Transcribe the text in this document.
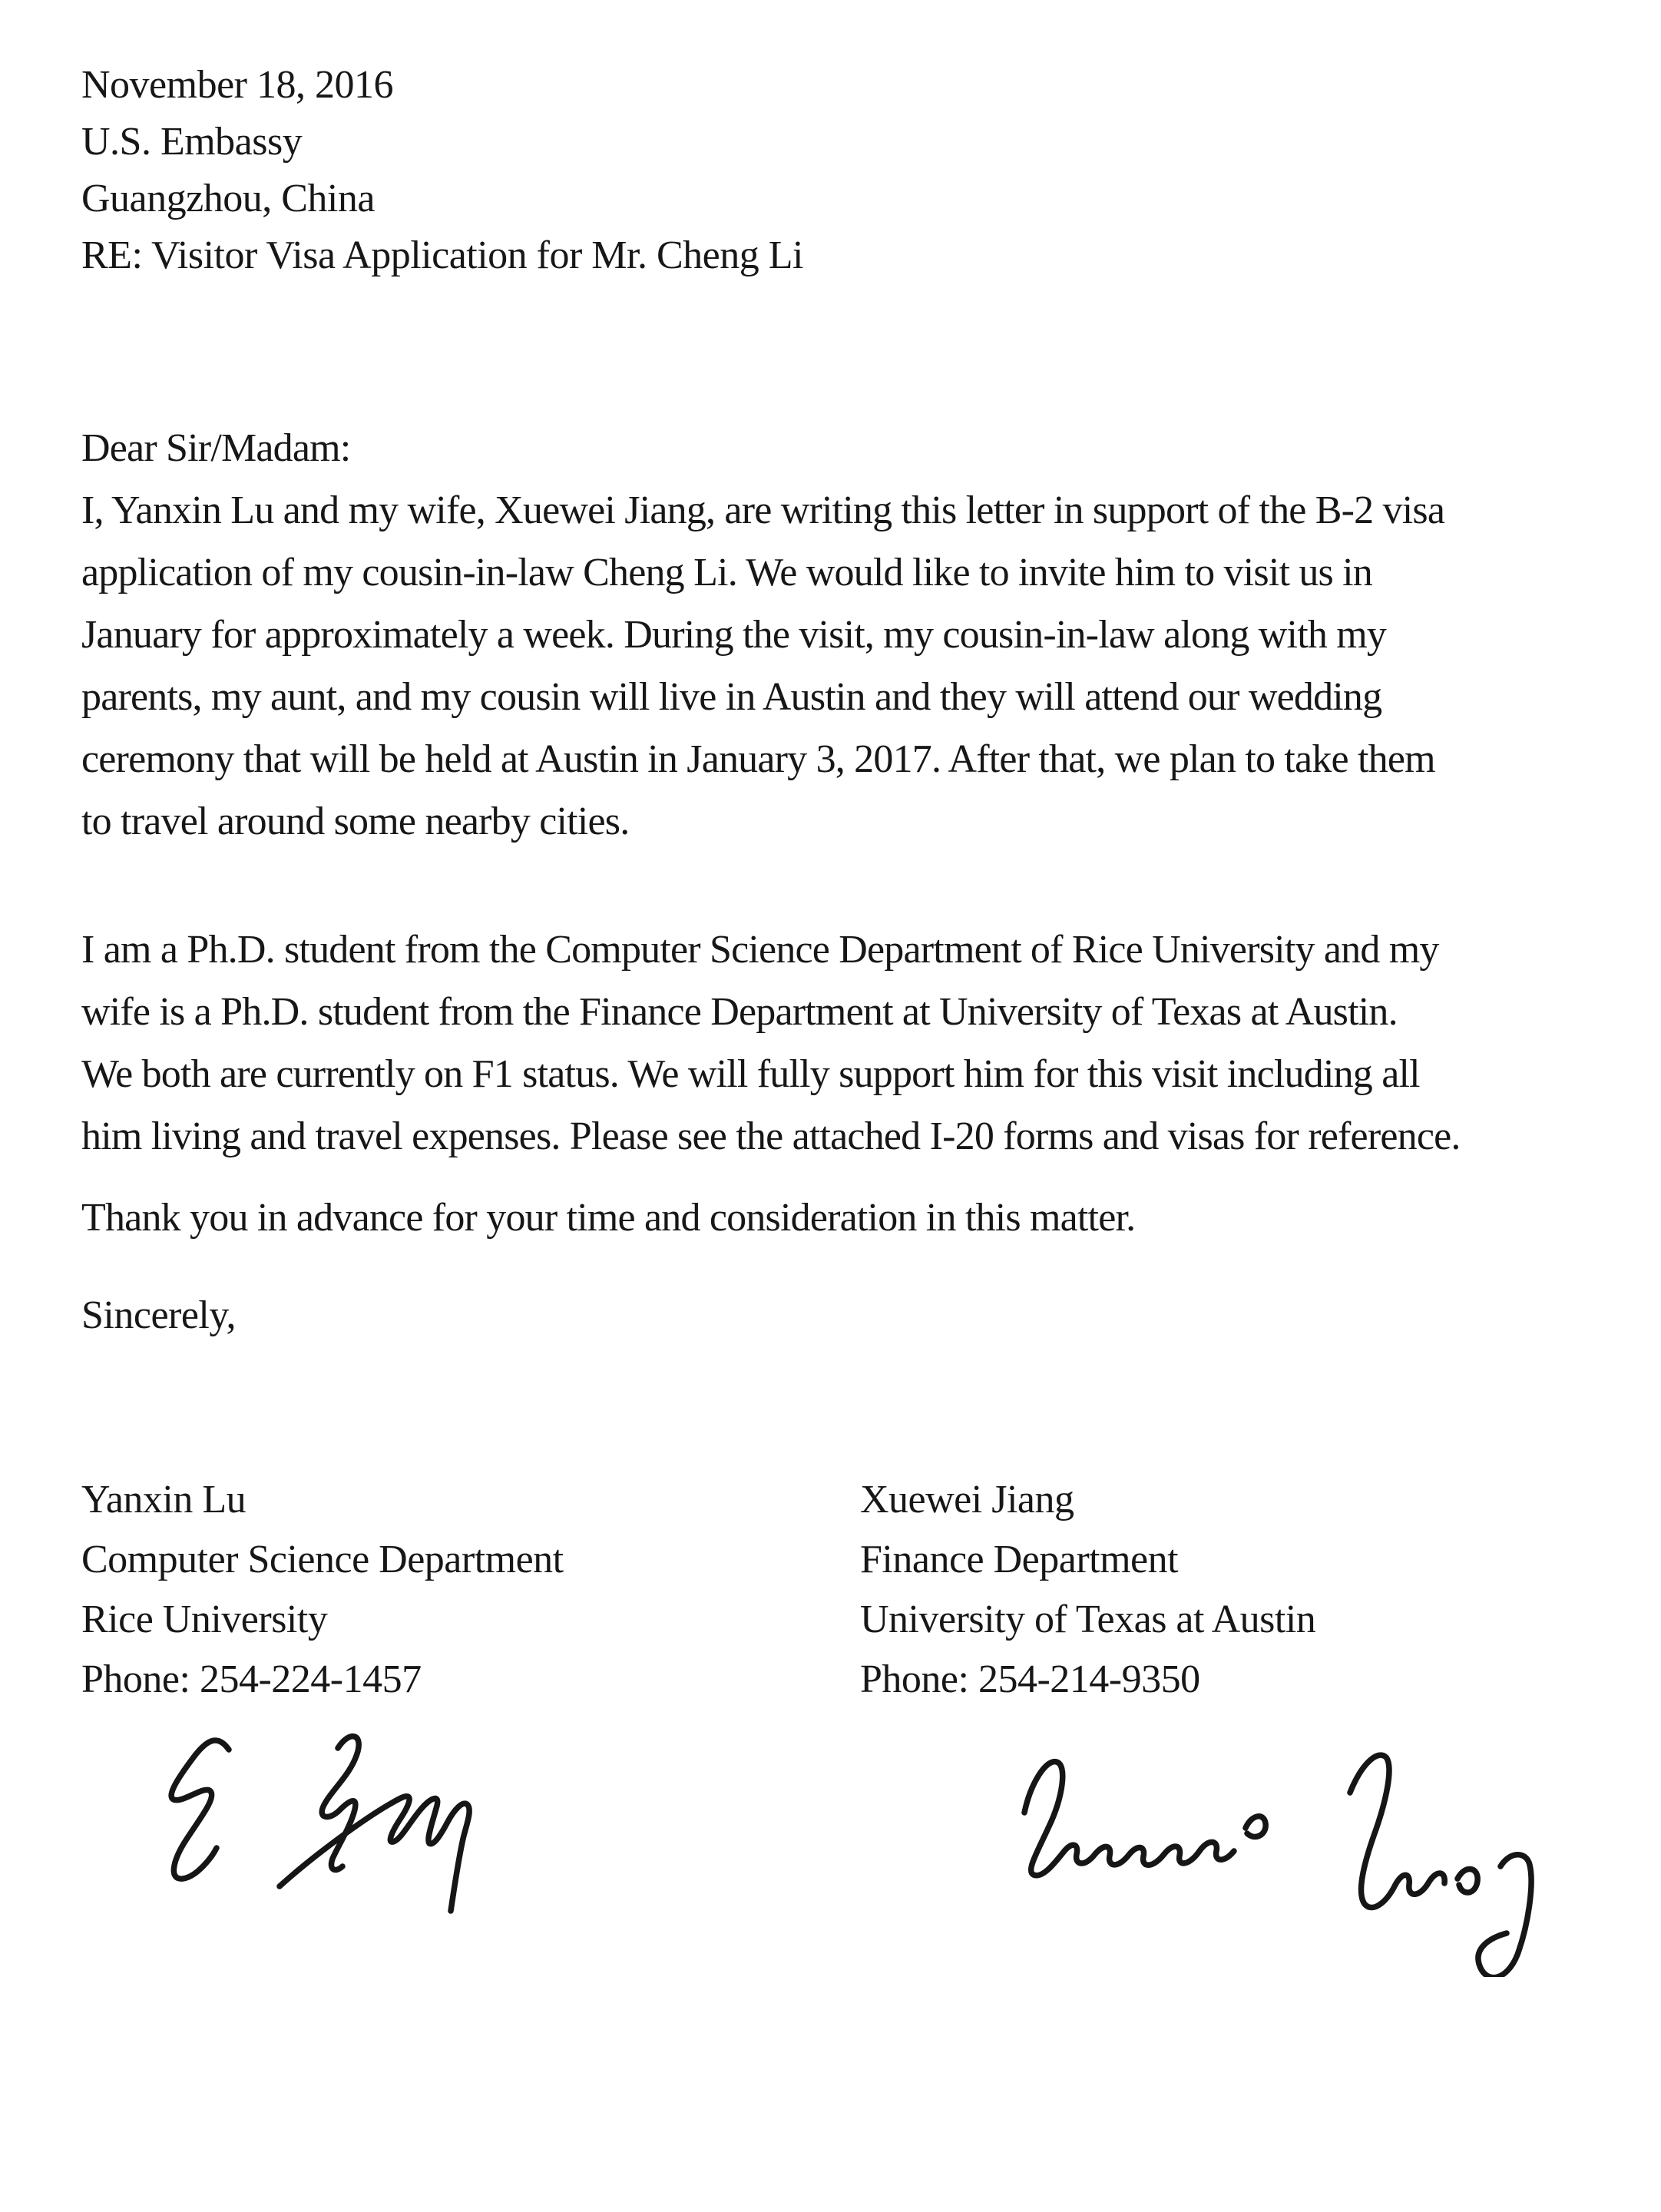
November 18, 2016
U.S. Embassy
Guangzhou, China
RE: Visitor Visa Application for Mr. Cheng Li
Dear Sir/Madam:
I, Yanxin Lu and my wife, Xuewei Jiang, are writing this letter in support of the B-2 visa
application of my cousin-in-law Cheng Li. We would like to invite him to visit us in
January for approximately a week. During the visit, my cousin-in-law along with my
parents, my aunt, and my cousin will live in Austin and they will attend our wedding
ceremony that will be held at Austin in January 3, 2017. After that, we plan to take them
to travel around some nearby cities.
I am a Ph.D. student from the Computer Science Department of Rice University and my
wife is a Ph.D. student from the Finance Department at University of Texas at Austin.
We both are currently on F1 status. We will fully support him for this visit including all
him living and travel expenses. Please see the attached I-20 forms and visas for reference.
Thank you in advance for your time and consideration in this matter.
Sincerely,
Yanxin Lu
Computer Science Department
Rice University
Phone: 254-224-1457
Xuewei Jiang
Finance Department
University of Texas at Austin
Phone: 254-214-9350
